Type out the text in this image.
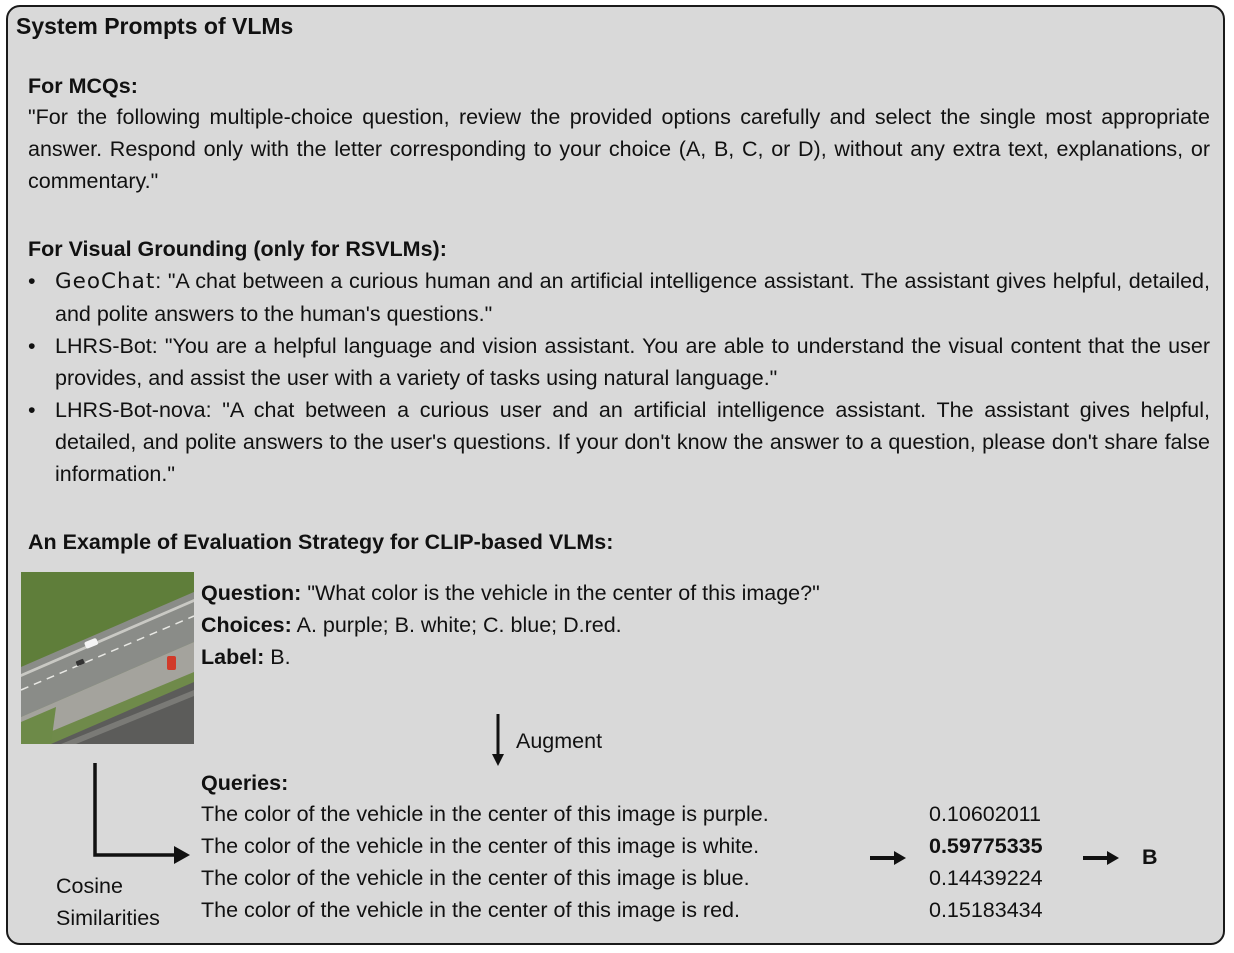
System Prompts of VLMs
For MCQs:
"For the following multiple-choice question, review the provided options carefully and select the single most appropriate answer. Respond only with the letter corresponding to your choice (A, B, C, or D), without any extra text, explanations, or commentary."
For Visual Grounding (only for RSVLMs):
• GeoChat: "A chat between a curious human and an artificial intelligence assistant. The assistant gives helpful, detailed, and polite answers to the human's questions."
• LHRS-Bot: "You are a helpful language and vision assistant. You are able to understand the visual content that the user provides, and assist the user with a variety of tasks using natural language."
• LHRS-Bot-nova: "A chat between a curious user and an artificial intelligence assistant. The assistant gives helpful, detailed, and polite answers to the user's questions. If your don't know the answer to a question, please don't share false information."
An Example of Evaluation Strategy for CLIP-based VLMs:
Question: "What color is the vehicle in the center of this image?"
Choices: A. purple; B. white; C. blue; D.red.
Label: B.
Augment
Queries:
The color of the vehicle in the center of this image is purple.
The color of the vehicle in the center of this image is white.
The color of the vehicle in the center of this image is blue.
The color of the vehicle in the center of this image is red.
0.10602011
0.59775335
0.14439224
0.15183434
B
Cosine
Similarities
